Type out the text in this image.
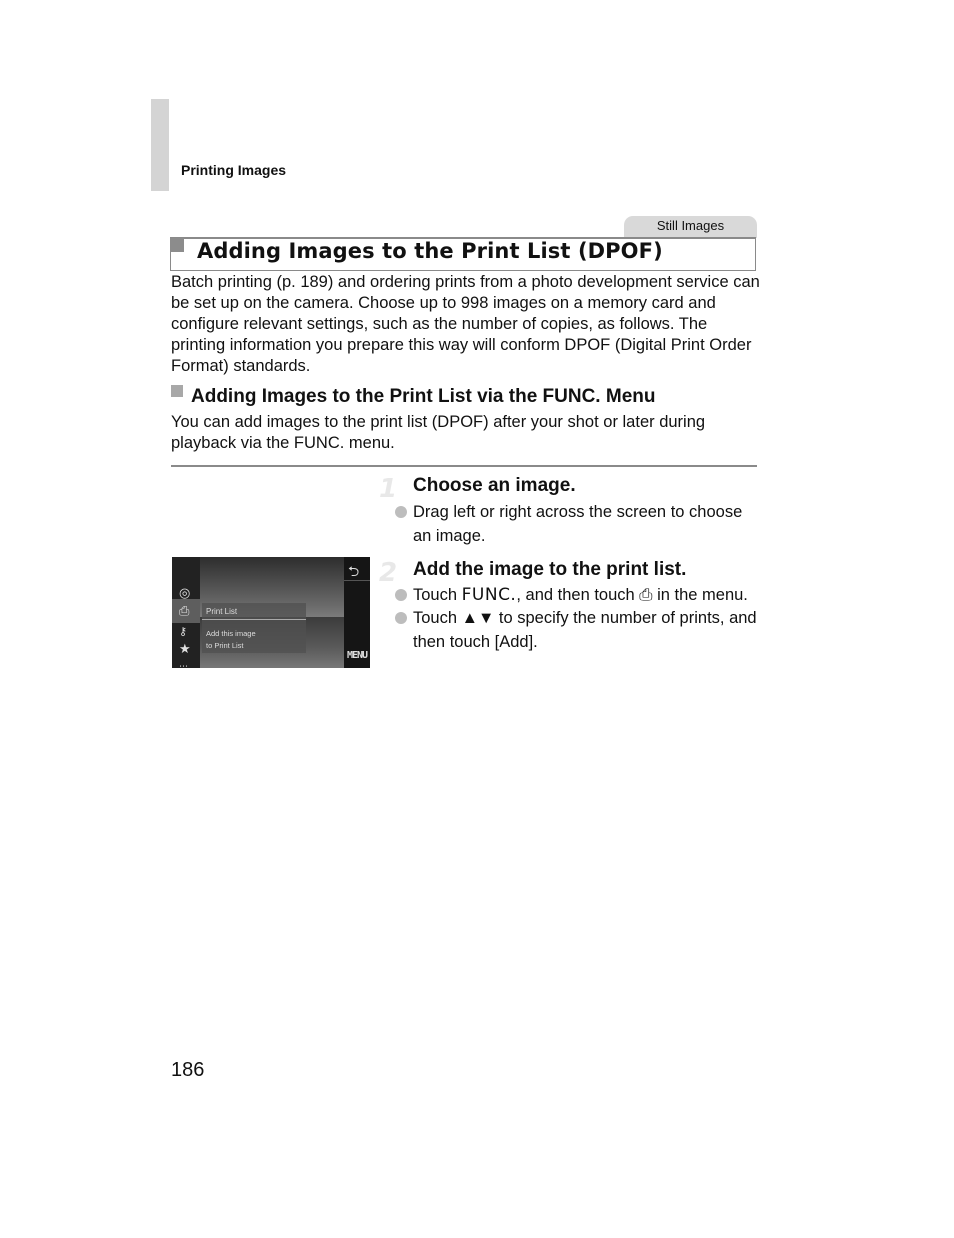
Printing Images
Still Images
Adding Images to the Print List (DPOF)
Batch printing (p. 189) and ordering prints from a photo development service can be set up on the camera. Choose up to 998 images on a memory card and configure relevant settings, such as the number of copies, as follows. The printing information you prepare this way will conform DPOF (Digital Print Order Format) standards.
Adding Images to the Print List via the FUNC. Menu
You can add images to the print list (DPOF) after your shot or later during playback via the FUNC. menu.
1 Choose an image.
Drag left or right across the screen to choose an image.
2 Add the image to the print list.
Touch FUNC., and then touch ⎙ in the menu.
Touch ▲▼ to specify the number of prints, and then touch [Add].
◎
⎙
⚷
★
⋯
Print List
Add this image
to Print List
⮌
MENU
186
